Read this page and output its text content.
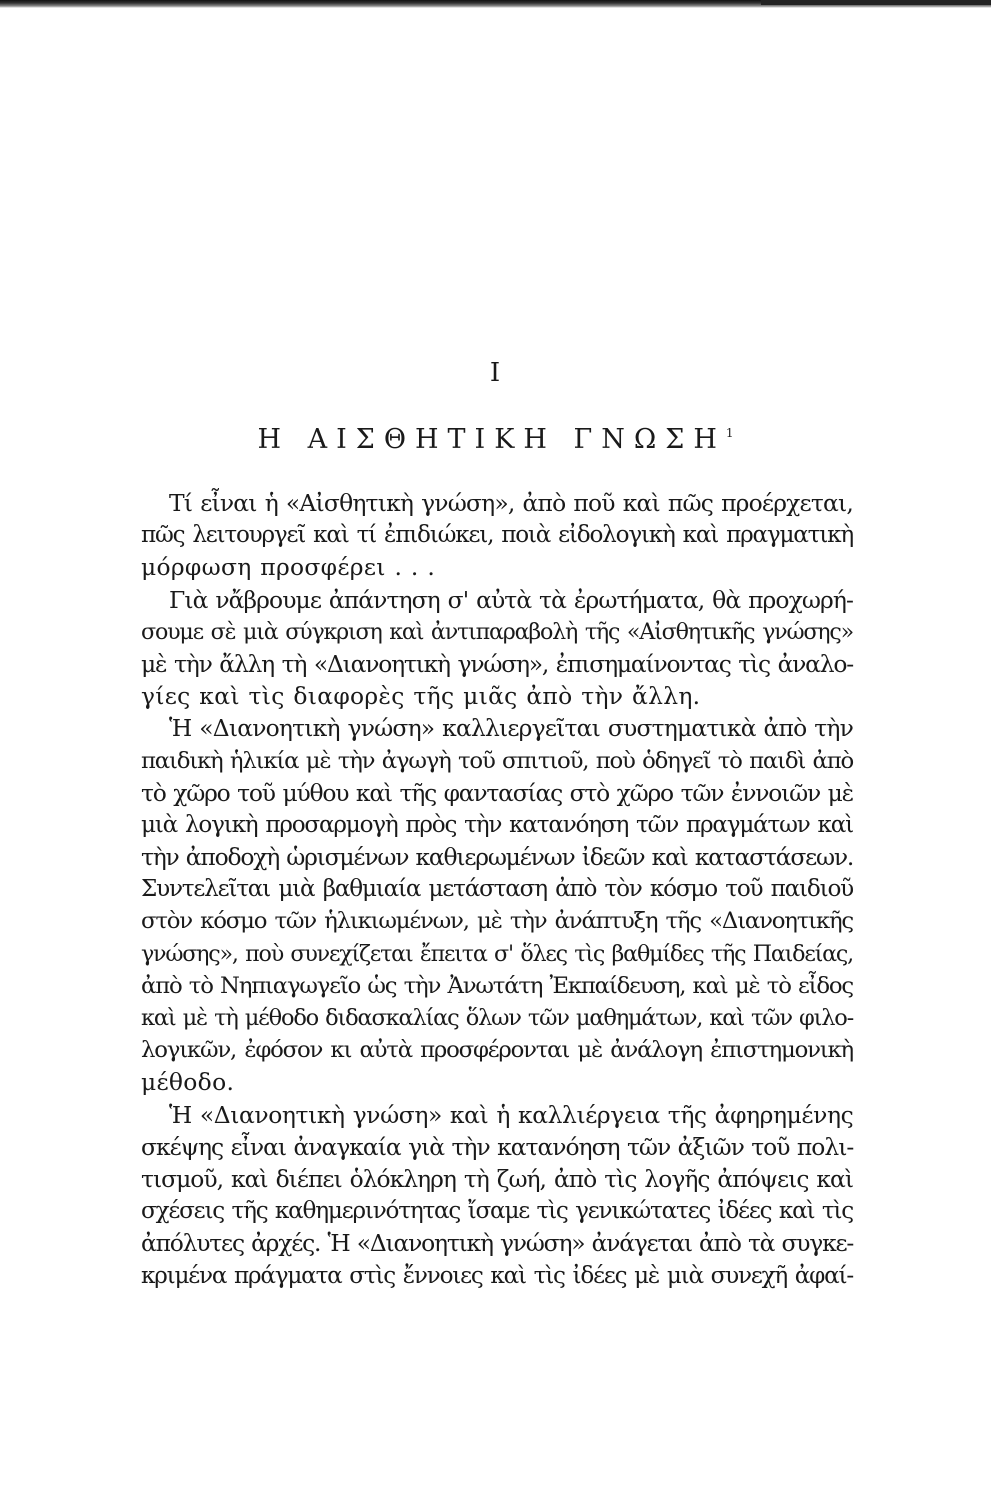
I
Η ΑΙΣΘΗΤΙΚΗ ΓΝΩΣΗ$^1$
Τί εἶναι ἡ «Αἰσθητικὴ γνώση», ἀπὸ ποῦ καὶ πῶς προέρχεται,
πῶς λειτουργεῖ καὶ τί ἐπιδιώκει, ποιὰ εἰδολογικὴ καὶ πραγματικὴ
μόρφωση προσφέρει . . .
Γιὰ νἄβρουμε ἀπάντηση σ' αὐτὰ τὰ ἐρωτήματα, θὰ προχωρή-
σουμε σὲ μιὰ σύγκριση καὶ ἀντιπαραβολὴ τῆς «Αἰσθητικῆς γνώσης»
μὲ τὴν ἄλλη τὴ «Διανοητικὴ γνώση», ἐπισημαίνοντας τὶς ἀναλο-
γίες καὶ τὶς διαφορὲς τῆς μιᾶς ἀπὸ τὴν ἄλλη.
Ἡ «Διανοητικὴ γνώση» καλλιεργεῖται συστηματικὰ ἀπὸ τὴν
παιδικὴ ἡλικία μὲ τὴν ἀγωγὴ τοῦ σπιτιοῦ, ποὺ ὁδηγεῖ τὸ παιδὶ ἀπὸ
τὸ χῶρο τοῦ μύθου καὶ τῆς φαντασίας στὸ χῶρο τῶν ἐννοιῶν μὲ
μιὰ λογικὴ προσαρμογὴ πρὸς τὴν κατανόηση τῶν πραγμάτων καὶ
τὴν ἀποδοχὴ ὡρισμένων καθιερωμένων ἰδεῶν καὶ καταστάσεων.
Συντελεῖται μιὰ βαθμιαία μετάσταση ἀπὸ τὸν κόσμο τοῦ παιδιοῦ
στὸν κόσμο τῶν ἡλικιωμένων, μὲ τὴν ἀνάπτυξη τῆς «Διανοητικῆς
γνώσης», ποὺ συνεχίζεται ἔπειτα σ' ὅλες τὶς βαθμίδες τῆς Παιδείας,
ἀπὸ τὸ Νηπιαγωγεῖο ὡς τὴν Ἀνωτάτη Ἐκπαίδευση, καὶ μὲ τὸ εἶδος
καὶ μὲ τὴ μέθοδο διδασκαλίας ὅλων τῶν μαθημάτων, καὶ τῶν φιλο-
λογικῶν, ἐφόσον κι αὐτὰ προσφέρονται μὲ ἀνάλογη ἐπιστημονικὴ
μέθοδο.
Ἡ «Διανοητικὴ γνώση» καὶ ἡ καλλιέργεια τῆς ἀφηρημένης
σκέψης εἶναι ἀναγκαία γιὰ τὴν κατανόηση τῶν ἀξιῶν τοῦ πολι-
τισμοῦ, καὶ διέπει ὁλόκληρη τὴ ζωή, ἀπὸ τὶς λογῆς ἀπόψεις καὶ
σχέσεις τῆς καθημερινότητας ἴσαμε τὶς γενικώτατες ἰδέες καὶ τὶς
ἀπόλυτες ἀρχές. Ἡ «Διανοητικὴ γνώση» ἀνάγεται ἀπὸ τὰ συγκε-
κριμένα πράγματα στὶς ἔννοιες καὶ τὶς ἰδέες μὲ μιὰ συνεχῆ ἀφαί-
